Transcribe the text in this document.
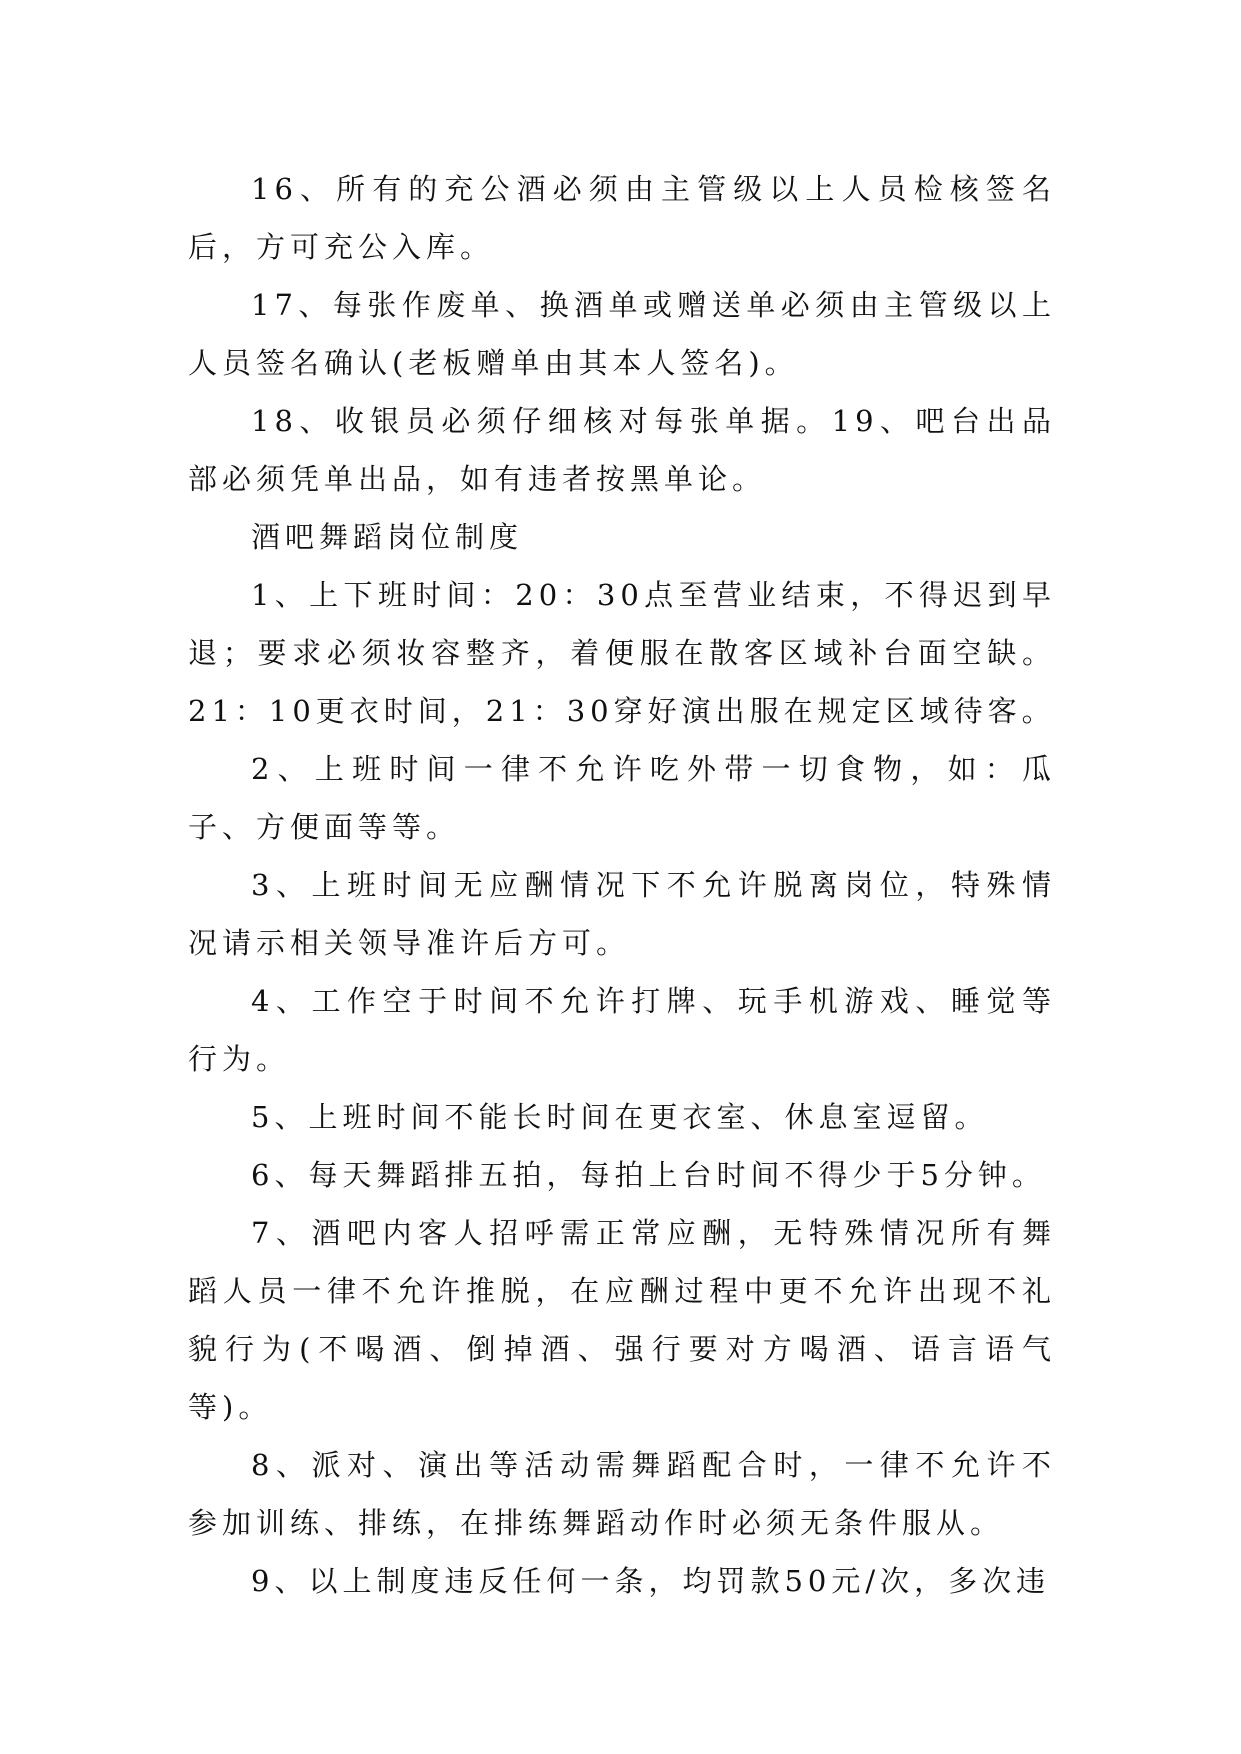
16、所有的充公酒必须由主管级以上人员检核签名后，方可充公入库。

17、每张作废单、换酒单或赠送单必须由主管级以上人员签名确认(老板赠单由其本人签名)。

18、收银员必须仔细核对每张单据。19、吧台出品部必须凭单出品，如有违者按黑单论。

酒吧舞蹈岗位制度

1、上下班时间：20：30点至营业结束，不得迟到早退；要求必须妆容整齐，着便服在散客区域补台面空缺。21：10更衣时间，21：30穿好演出服在规定区域待客。

2、上班时间一律不允许吃外带一切食物，如：瓜子、方便面等等。

3、上班时间无应酬情况下不允许脱离岗位，特殊情况请示相关领导准许后方可。

4、工作空于时间不允许打牌、玩手机游戏、睡觉等行为。

5、上班时间不能长时间在更衣室、休息室逗留。

6、每天舞蹈排五拍，每拍上台时间不得少于5分钟。

7、酒吧内客人招呼需正常应酬，无特殊情况所有舞蹈人员一律不允许推脱，在应酬过程中更不允许出现不礼貌行为(不喝酒、倒掉酒、强行要对方喝酒、语言语气等)。

8、派对、演出等活动需舞蹈配合时，一律不允许不参加训练、排练，在排练舞蹈动作时必须无条件服从。

9、以上制度违反任何一条，均罚款50元/次，多次违
